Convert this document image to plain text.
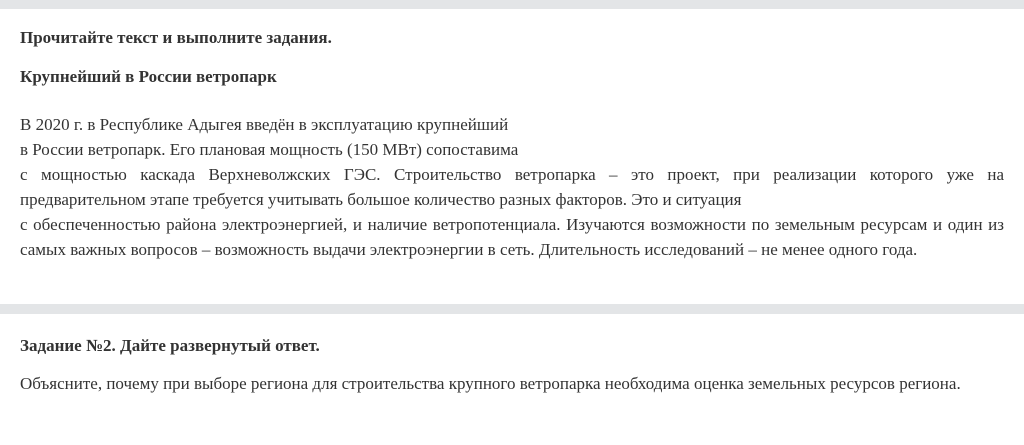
Прочитайте текст и выполните задания.

Крупнейший в России ветропарк

В 2020 г. в Республике Адыгея введён в эксплуатацию крупнейший
в России ветропарк. Его плановая мощность (150 МВт) сопоставима
с мощностью каскада Верхневолжских ГЭС. Строительство ветропарка – это проект, при реализации которого уже на предварительном этапе требуется учитывать большое количество разных факторов. Это и ситуация
с обеспеченностью района электроэнергией, и наличие ветропотенциала. Изучаются возможности по земельным ресурсам и один из самых важных вопросов – возможность выдачи электроэнергии в сеть. Длительность исследований – не менее одного года.

Задание №2. Дайте развернутый ответ.

Объясните, почему при выборе региона для строительства крупного ветропарка необходима оценка земельных ресурсов региона.
